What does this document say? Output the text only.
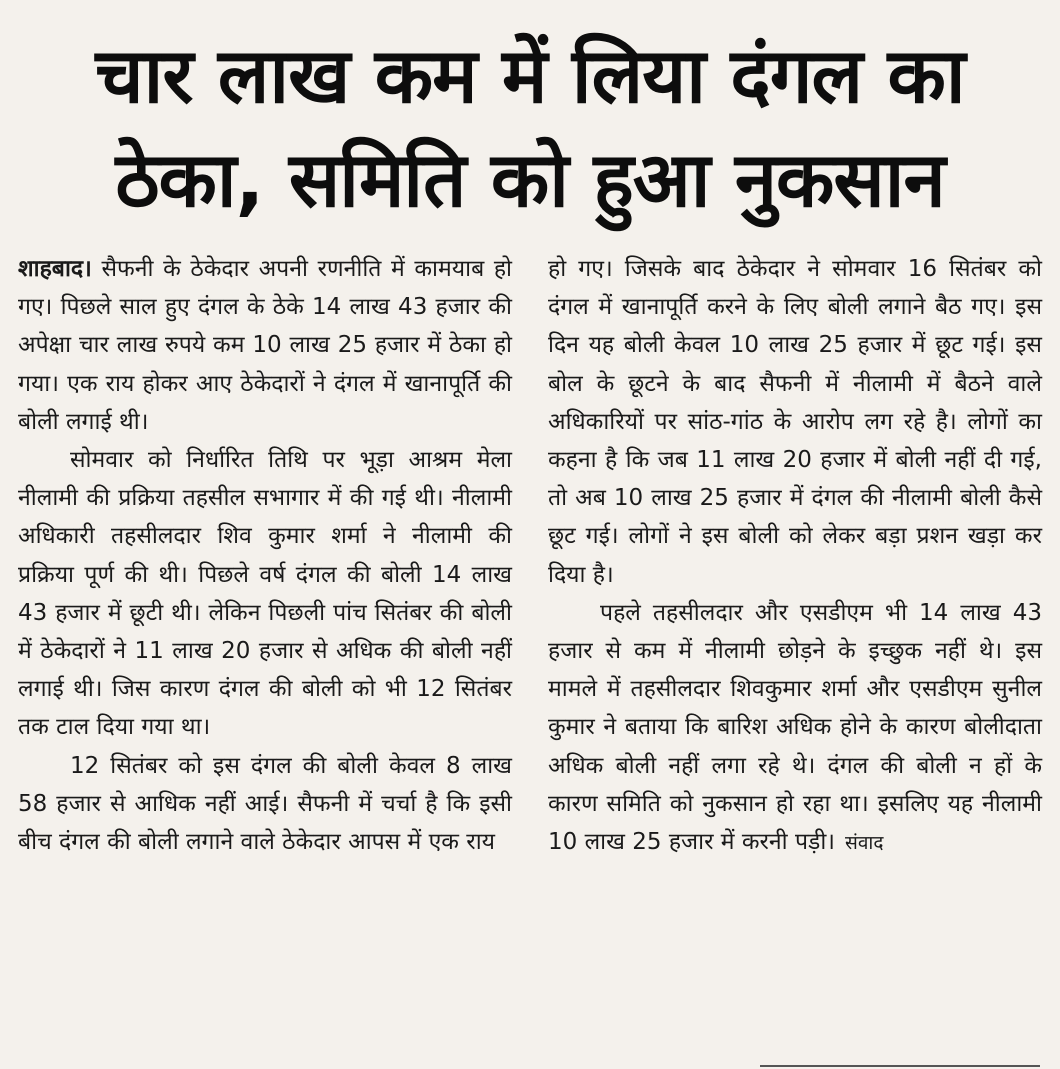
चार लाख कम में लिया दंगल का
ठेका, समिति को हुआ नुकसान

शाहबाद। सैफनी के ठेकेदार अपनी रणनीति में कामयाब हो गए। पिछले साल हुए दंगल के ठेके 14 लाख 43 हजार की अपेक्षा चार लाख रुपये कम 10 लाख 25 हजार में ठेका हो गया। एक राय होकर आए ठेकेदारों ने दंगल में खानापूर्ति की बोली लगाई थी।

सोमवार को निर्धारित तिथि पर भूड़ा आश्रम मेला नीलामी की प्रक्रिया तहसील सभागार में की गई थी। नीलामी अधिकारी तहसीलदार शिव कुमार शर्मा ने नीलामी की प्रक्रिया पूर्ण की थी। पिछले वर्ष दंगल की बोली 14 लाख 43 हजार में छूटी थी। लेकिन पिछली पांच सितंबर की बोली में ठेकेदारों ने 11 लाख 20 हजार से अधिक की बोली नहीं लगाई थी। जिस कारण दंगल की बोली को भी 12 सितंबर तक टाल दिया गया था।

12 सितंबर को इस दंगल की बोली केवल 8 लाख 58 हजार से आधिक नहीं आई। सैफनी में चर्चा है कि इसी बीच दंगल की बोली लगाने वाले ठेकेदार आपस में एक राय

हो गए। जिसके बाद ठेकेदार ने सोमवार 16 सितंबर को दंगल में खानापूर्ति करने के लिए बोली लगाने बैठ गए। इस दिन यह बोली केवल 10 लाख 25 हजार में छूट गई। इस बोल के छूटने के बाद सैफनी में नीलामी में बैठने वाले अधिकारियों पर सांठ-गांठ के आरोप लग रहे है। लोगों का कहना है कि जब 11 लाख 20 हजार में बोली नहीं दी गई, तो अब 10 लाख 25 हजार में दंगल की नीलामी बोली कैसे छूट गई। लोगों ने इस बोली को लेकर बड़ा प्रशन खड़ा कर दिया है।

पहले तहसीलदार और एसडीएम भी 14 लाख 43 हजार से कम में नीलामी छोड़ने के इच्छुक नहीं थे। इस मामले में तहसीलदार शिवकुमार शर्मा और एसडीएम सुनील कुमार ने बताया कि बारिश अधिक होने के कारण बोलीदाता अधिक बोली नहीं लगा रहे थे। दंगल की बोली न हों के कारण समिति को नुकसान हो रहा था। इसलिए यह नीलामी 10 लाख 25 हजार में करनी पड़ी। संवाद
